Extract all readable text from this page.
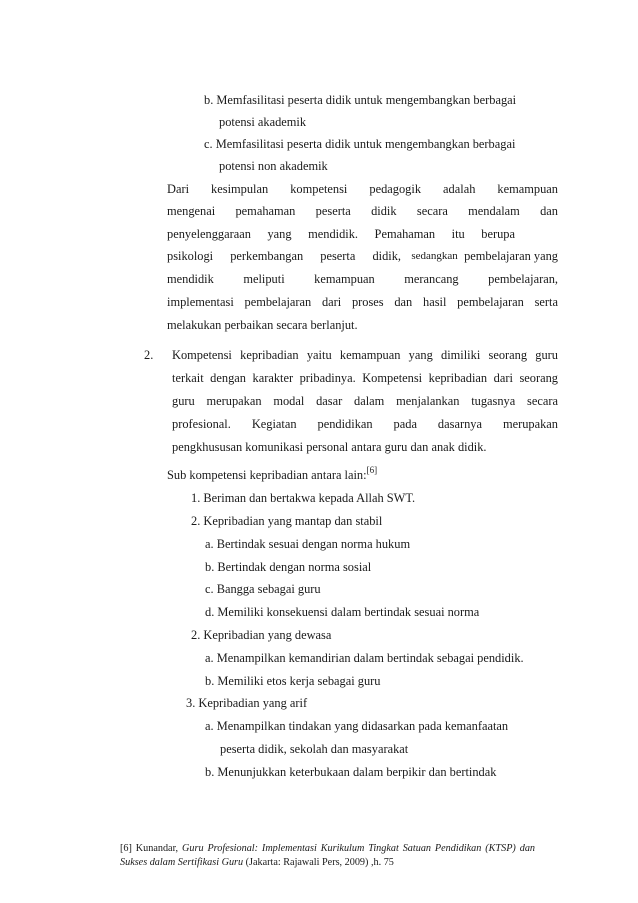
b. Memfasilitasi peserta didik untuk mengembangkan berbagai
potensi akademik
c. Memfasilitasi peserta didik untuk mengembangkan berbagai
potensi non akademik
Dari kesimpulan kompetensi pedagogik adalah kemampuan
mengenai pemahaman peserta didik secara mendalam dan
penyelenggaraan yang mendidik. Pemahaman itu berupa
psikologi perkembangan peserta didik, sedangkan pembelajaran yang
mendidik meliputi kemampuan merancang pembelajaran,
implementasi pembelajaran dari proses dan hasil pembelajaran serta
melakukan perbaikan secara berlanjut.
2. Kompetensi kepribadian yaitu kemampuan yang dimiliki seorang guru
terkait dengan karakter pribadinya. Kompetensi kepribadian dari seorang
guru merupakan modal dasar dalam menjalankan tugasnya secara
profesional. Kegiatan pendidikan pada dasarnya merupakan
pengkhususan komunikasi personal antara guru dan anak didik.
Sub kompetensi kepribadian antara lain:[6]
1. Beriman dan bertakwa kepada Allah SWT.
2. Kepribadian yang mantap dan stabil
a. Bertindak sesuai dengan norma hukum
b. Bertindak dengan norma sosial
c. Bangga sebagai guru
d. Memiliki konsekuensi dalam bertindak sesuai norma
2. Kepribadian yang dewasa
a. Menampilkan kemandirian dalam bertindak sebagai pendidik.
b. Memiliki etos kerja sebagai guru
3. Kepribadian yang arif
a. Menampilkan tindakan yang didasarkan pada kemanfaatan
peserta didik, sekolah dan masyarakat
b. Menunjukkan keterbukaan dalam berpikir dan bertindak
[6] Kunandar, Guru Profesional: Implementasi Kurikulum Tingkat Satuan Pendidikan (KTSP) dan Sukses dalam Sertifikasi Guru (Jakarta: Rajawali Pers, 2009) ,h. 75
